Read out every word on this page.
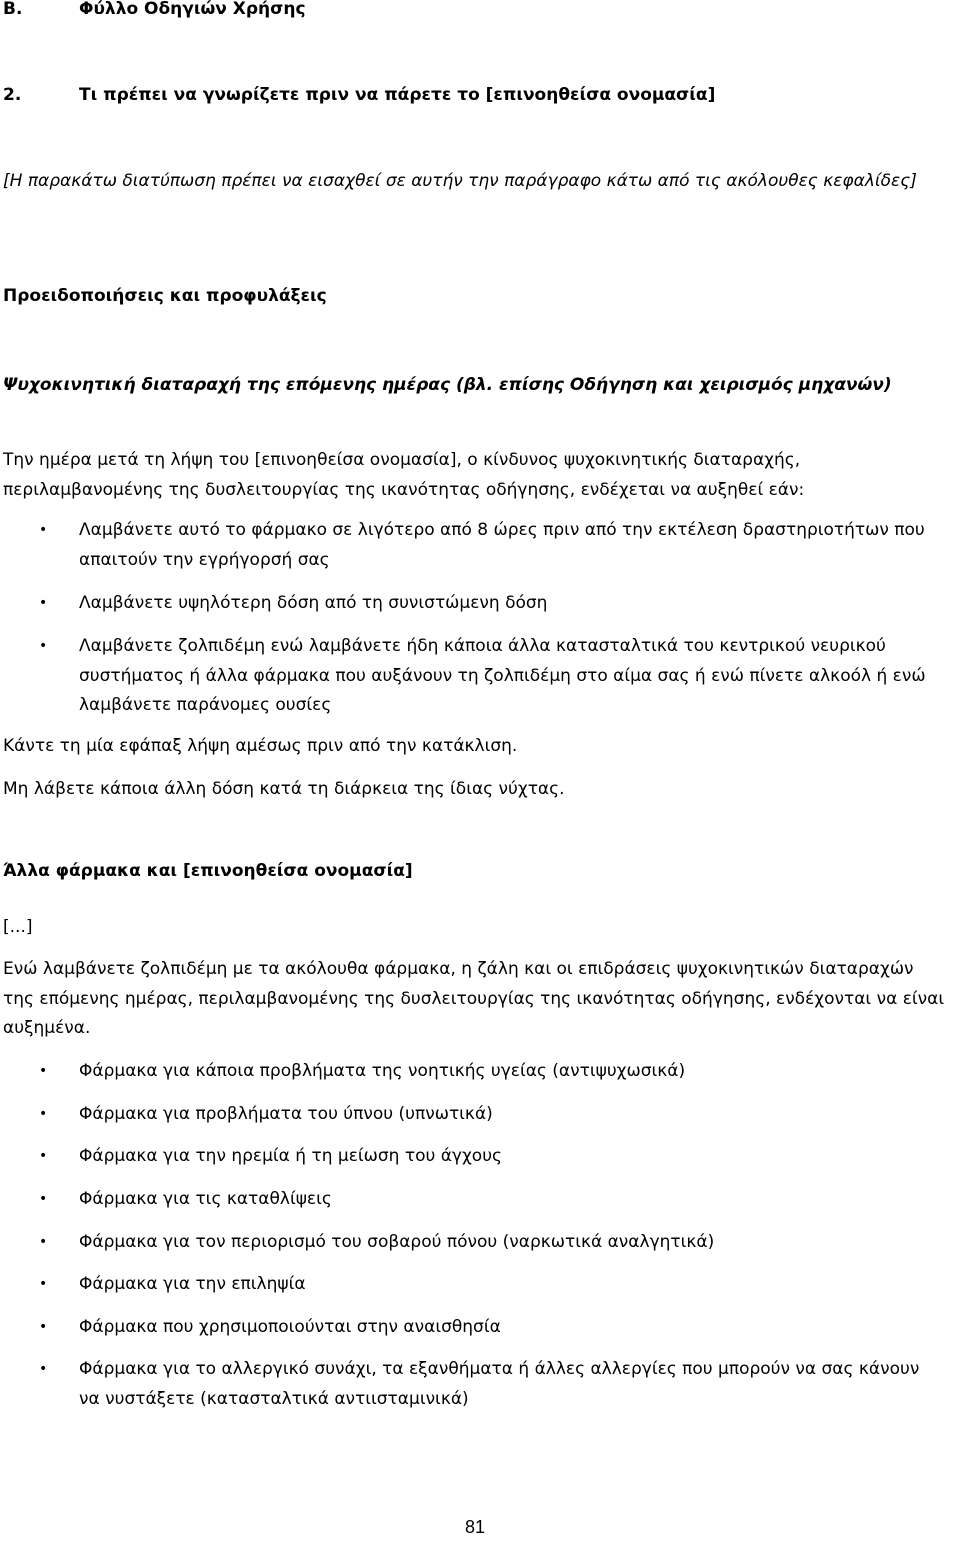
B.	Φύλλο Οδηγιών Χρήσης
2.	Τι πρέπει να γνωρίζετε πριν να πάρετε το [επινοηθείσα ονομασία]
[Η παρακάτω διατύπωση πρέπει να εισαχθεί σε αυτήν την παράγραφο κάτω από τις ακόλουθες κεφαλίδες]
Προειδοποιήσεις και προφυλάξεις
Ψυχοκινητική διαταραχή της επόμενης ημέρας (βλ. επίσης Οδήγηση και χειρισμός μηχανών)
Την ημέρα μετά τη λήψη του [επινοηθείσα ονομασία], ο κίνδυνος ψυχοκινητικής διαταραχής, περιλαμβανομένης της δυσλειτουργίας της ικανότητας οδήγησης, ενδέχεται να αυξηθεί εάν:
• Λαμβάνετε αυτό το φάρμακο σε λιγότερο από 8 ώρες πριν από την εκτέλεση δραστηριοτήτων που απαιτούν την εγρήγορσή σας
• Λαμβάνετε υψηλότερη δόση από τη συνιστώμενη δόση
• Λαμβάνετε ζολπιδέμη ενώ λαμβάνετε ήδη κάποια άλλα κατασταλτικά του κεντρικού νευρικού συστήματος ή άλλα φάρμακα που αυξάνουν τη ζολπιδέμη στο αίμα σας ή ενώ πίνετε αλκοόλ ή ενώ λαμβάνετε παράνομες ουσίες
Κάντε τη μία εφάπαξ λήψη αμέσως πριν από την κατάκλιση.
Μη λάβετε κάποια άλλη δόση κατά τη διάρκεια της ίδιας νύχτας.
Άλλα φάρμακα και [επινοηθείσα ονομασία]
[...]
Ενώ λαμβάνετε ζολπιδέμη με τα ακόλουθα φάρμακα, η ζάλη και οι επιδράσεις ψυχοκινητικών διαταραχών της επόμενης ημέρας, περιλαμβανομένης της δυσλειτουργίας της ικανότητας οδήγησης, ενδέχονται να είναι αυξημένα.
• Φάρμακα για κάποια προβλήματα της νοητικής υγείας (αντιψυχωσικά)
• Φάρμακα για προβλήματα του ύπνου (υπνωτικά)
• Φάρμακα για την ηρεμία ή τη μείωση του άγχους
• Φάρμακα για τις καταθλίψεις
• Φάρμακα για τον περιορισμό του σοβαρού πόνου (ναρκωτικά αναλγητικά)
• Φάρμακα για την επιληψία
• Φάρμακα που χρησιμοποιούνται στην αναισθησία
• Φάρμακα για το αλλεργικό συνάχι, τα εξανθήματα ή άλλες αλλεργίες που μπορούν να σας κάνουν να νυστάξετε (κατασταλτικά αντιισταμινικά)
81
